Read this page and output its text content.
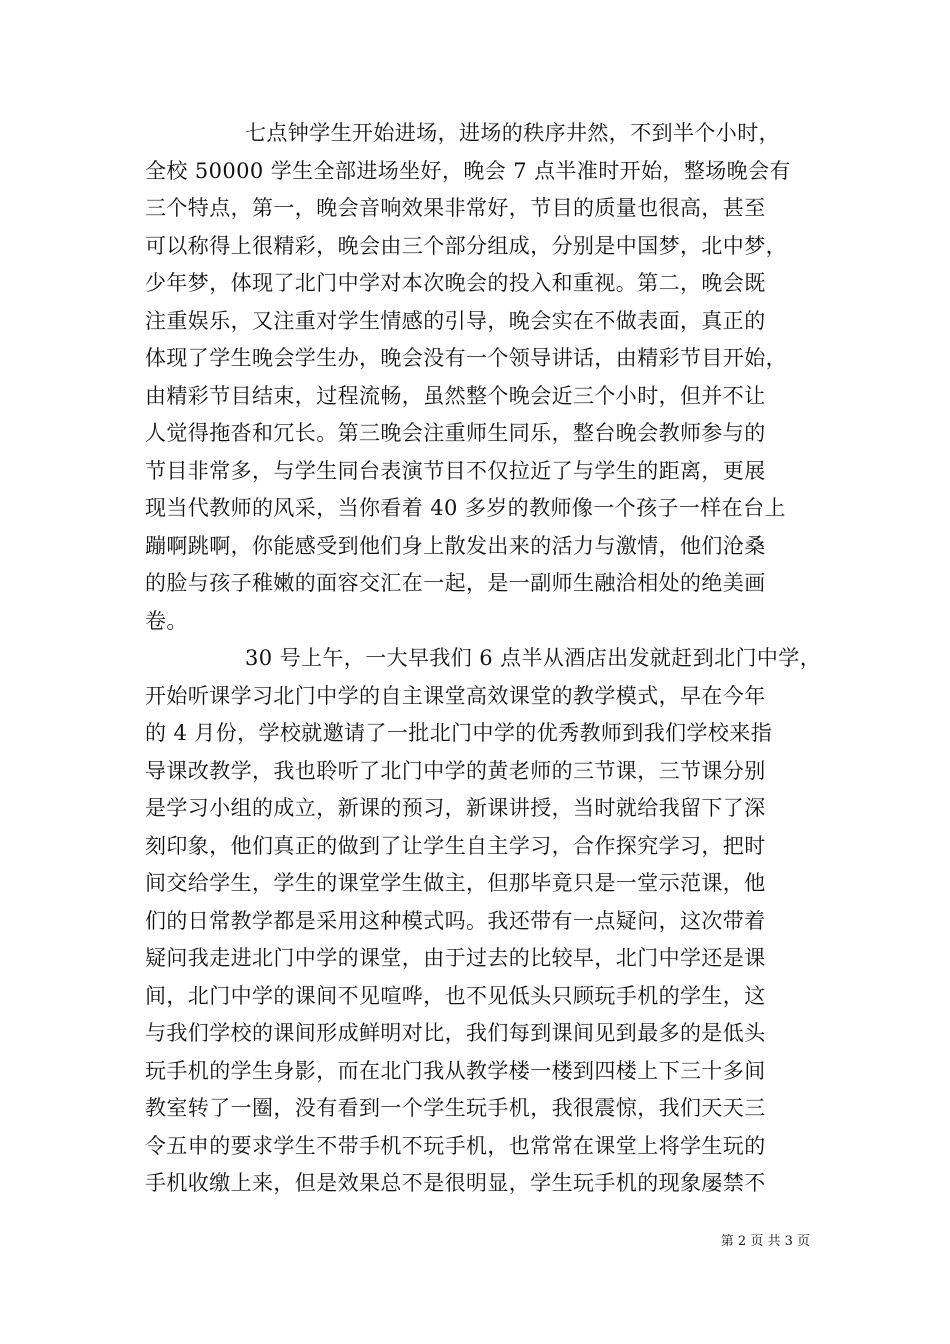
七点钟学生开始进场，进场的秩序井然，不到半个小时，
全校 50000 学生全部进场坐好，晚会 7 点半准时开始，整场晚会有
三个特点，第一，晚会音响效果非常好，节目的质量也很高，甚至
可以称得上很精彩，晚会由三个部分组成，分别是中国梦，北中梦，
少年梦，体现了北门中学对本次晚会的投入和重视。第二，晚会既
注重娱乐，又注重对学生情感的引导，晚会实在不做表面，真正的
体现了学生晚会学生办，晚会没有一个领导讲话，由精彩节目开始，
由精彩节目结束，过程流畅，虽然整个晚会近三个小时，但并不让
人觉得拖沓和冗长。第三晚会注重师生同乐，整台晚会教师参与的
节目非常多，与学生同台表演节目不仅拉近了与学生的距离，更展
现当代教师的风采，当你看着 40 多岁的教师像一个孩子一样在台上
蹦啊跳啊，你能感受到他们身上散发出来的活力与激情，他们沧桑
的脸与孩子稚嫩的面容交汇在一起，是一副师生融洽相处的绝美画
卷。
30 号上午，一大早我们 6 点半从酒店出发就赶到北门中学，
开始听课学习北门中学的自主课堂高效课堂的教学模式，早在今年
的 4 月份，学校就邀请了一批北门中学的优秀教师到我们学校来指
导课改教学，我也聆听了北门中学的黄老师的三节课，三节课分别
是学习小组的成立，新课的预习，新课讲授，当时就给我留下了深
刻印象，他们真正的做到了让学生自主学习，合作探究学习，把时
间交给学生，学生的课堂学生做主，但那毕竟只是一堂示范课，他
们的日常教学都是采用这种模式吗。我还带有一点疑问，这次带着
疑问我走进北门中学的课堂，由于过去的比较早，北门中学还是课
间，北门中学的课间不见喧哗，也不见低头只顾玩手机的学生，这
与我们学校的课间形成鲜明对比，我们每到课间见到最多的是低头
玩手机的学生身影，而在北门我从教学楼一楼到四楼上下三十多间
教室转了一圈，没有看到一个学生玩手机，我很震惊，我们天天三
令五申的要求学生不带手机不玩手机，也常常在课堂上将学生玩的
手机收缴上来，但是效果总不是很明显，学生玩手机的现象屡禁不
第 2 页 共 3 页
